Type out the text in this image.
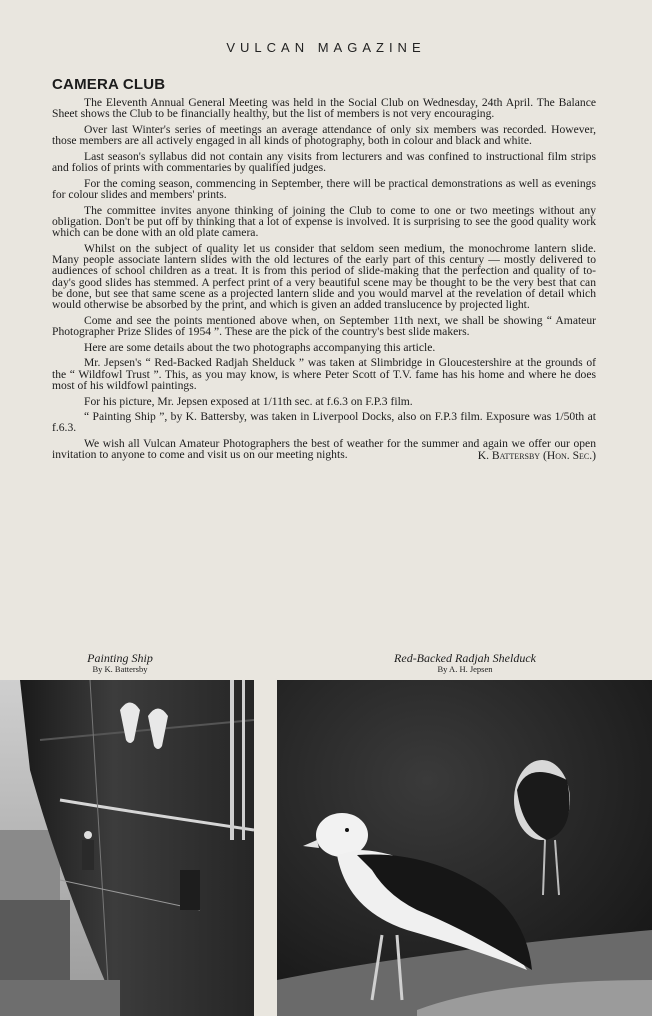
VULCAN MAGAZINE
CAMERA CLUB

The Eleventh Annual General Meeting was held in the Social Club on Wednesday, 24th April. The Balance Sheet shows the Club to be financially healthy, but the list of members is not very encouraging.

Over last Winter's series of meetings an average attendance of only six members was recorded. However, those members are all actively engaged in all kinds of photography, both in colour and black and white.

Last season's syllabus did not contain any visits from lecturers and was confined to instructional film strips and folios of prints with commentaries by qualified judges.

For the coming season, commencing in September, there will be practical demonstrations as well as evenings for colour slides and members' prints.

The committee invites anyone thinking of joining the Club to come to one or two meetings without any obligation. Don't be put off by thinking that a lot of expense is involved. It is surprising to see the good quality work which can be done with an old plate camera.

Whilst on the subject of quality let us consider that seldom seen medium, the monochrome lantern slide. Many people associate lantern slides with the old lectures of the early part of this century — mostly delivered to audiences of school children as a treat. It is from this period of slide-making that the perfection and quality of to-day's good slides has stemmed. A perfect print of a very beautiful scene may be thought to be the very best that can be done, but see that same scene as a projected lantern slide and you would marvel at the revelation of detail which would otherwise be absorbed by the print, and which is given an added translucence by projected light.

Come and see the points mentioned above when, on September 11th next, we shall be showing “ Amateur Photographer Prize Slides of 1954 ”. These are the pick of the country's best slide makers.

Here are some details about the two photographs accompanying this article.

Mr. Jepsen's “ Red-Backed Radjah Shelduck ” was taken at Slimbridge in Gloucestershire at the grounds of the “ Wildfowl Trust ”. This, as you may know, is where Peter Scott of T.V. fame has his home and where he does most of his wildfowl paintings.

For his picture, Mr. Jepsen exposed at 1/11th sec. at f.6.3 on F.P.3 film.

“ Painting Ship ”, by K. Battersby, was taken in Liverpool Docks, also on F.P.3 film. Exposure was 1/50th at f.6.3.

We wish all Vulcan Amateur Photographers the best of weather for the summer and again we offer our open invitation to anyone to come and visit us on our meeting nights.	K. Battersby (Hon. Sec.)
Painting Ship
By K. Battersby
Red-Backed Radjah Shelduck
By A. H. Jepsen
